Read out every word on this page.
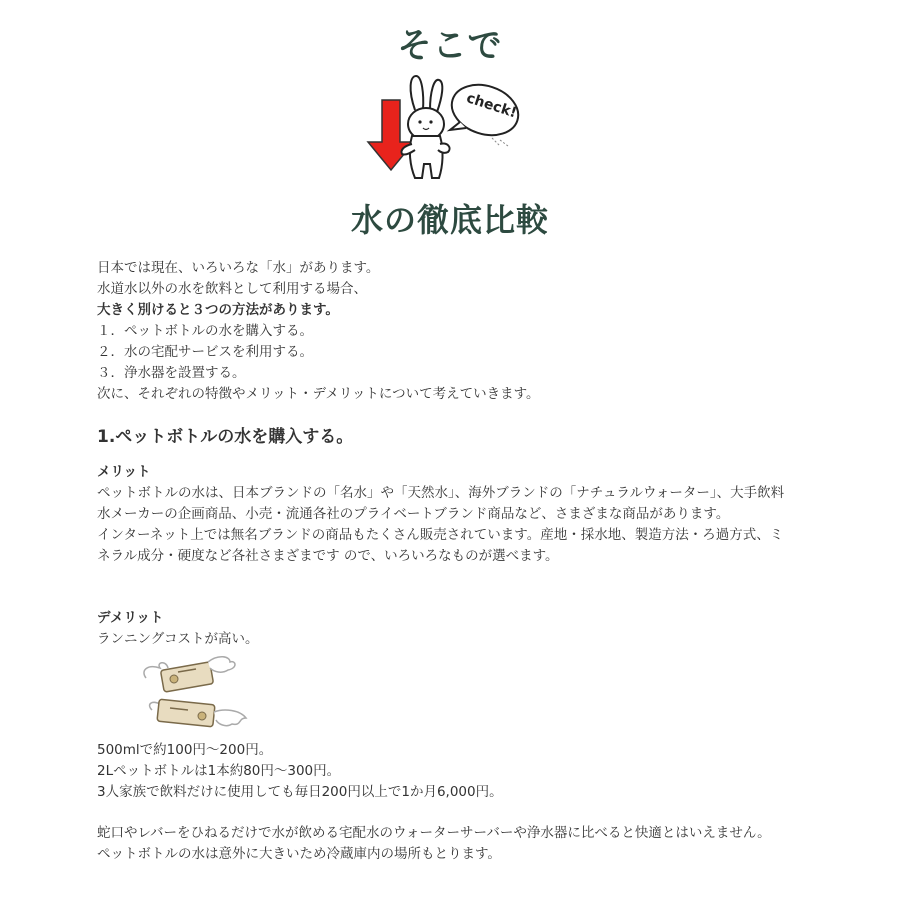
そこで
check!
水の徹底比較

日本では現在、いろいろな「水」があります。

水道水以外の水を飲料として利用する場合、

大きく別けると３つの方法があります。

１．ペットボトルの水を購入する。

２．水の宅配サービスを利用する。

３．浄水器を設置する。

次に、それぞれの特徴やメリット・デメリットについて考えていきます。

1.ペットボトルの水を購入する。

メリット

ペットボトルの水は、日本ブランドの「名水」や「天然水」、海外ブランドの「ナチュラルウォーター」、大手飲料水メーカーの企画商品、小売・流通各社のプライベートブランド商品など、さまざまな商品があります。

インターネット上では無名ブランドの商品もたくさん販売されています。産地・採水地、製造方法・ろ過方式、ミネラル成分・硬度など各社さまざまです ので、いろいろなものが選べます。

デメリット

ランニングコストが高い。

500mlで約100円～200円。

2Lペットボトルは1本約80円～300円。

3人家族で飲料だけに使用しても毎日200円以上で1か月6,000円。

蛇口やレバーをひねるだけで水が飲める宅配水のウォーターサーバーや浄水器に比べると快適とはいえません。

ペットボトルの水は意外に大きいため冷蔵庫内の場所もとります。
